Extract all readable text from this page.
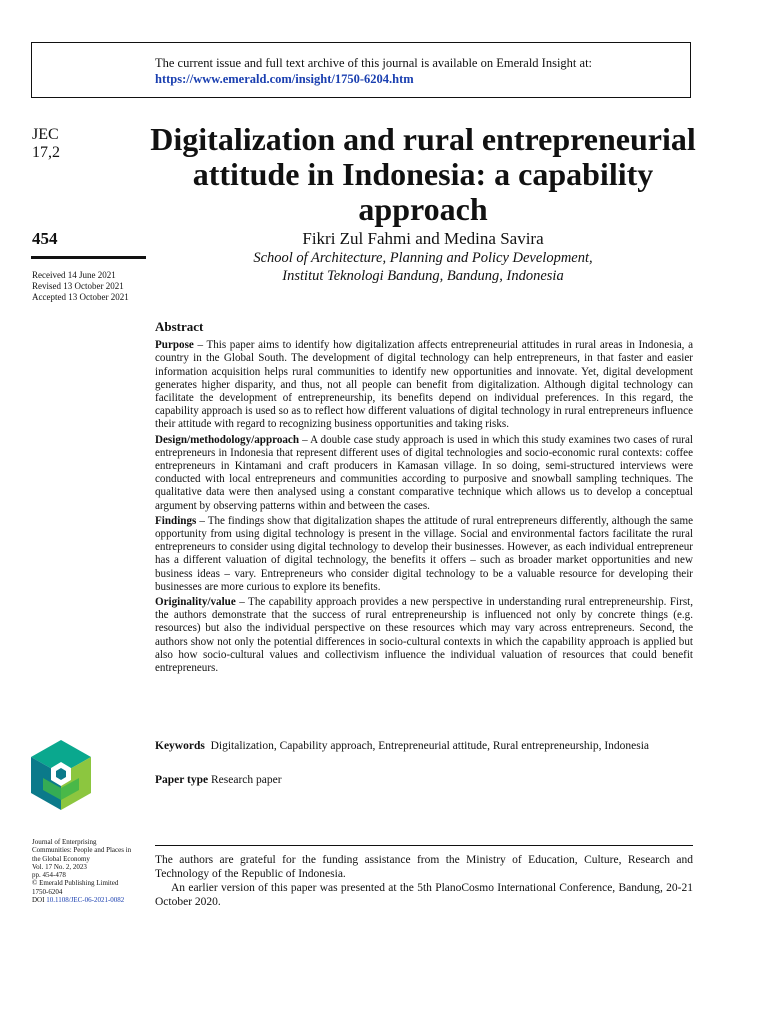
The current issue and full text archive of this journal is available on Emerald Insight at:
https://www.emerald.com/insight/1750-6204.htm
JEC
17,2
454
Received 14 June 2021
Revised 13 October 2021
Accepted 13 October 2021
Digitalization and rural entrepreneurial attitude in Indonesia: a capability approach
Fikri Zul Fahmi and Medina Savira
School of Architecture, Planning and Policy Development,
Institut Teknologi Bandung, Bandung, Indonesia
Abstract

Purpose – This paper aims to identify how digitalization affects entrepreneurial attitudes in rural areas in Indonesia, a country in the Global South. The development of digital technology can help entrepreneurs, in that faster and easier information acquisition helps rural communities to identify new opportunities and innovate. Yet, digital development generates higher disparity, and thus, not all people can benefit from digitalization. Although digital technology can facilitate the development of entrepreneurship, its benefits depend on individual preferences. In this regard, the capability approach is used so as to reflect how different valuations of digital technology in rural entrepreneurs influence their attitude with regard to recognizing business opportunities and taking risks.

Design/methodology/approach – A double case study approach is used in which this study examines two cases of rural entrepreneurs in Indonesia that represent different uses of digital technologies and socio-economic rural contexts: coffee entrepreneurs in Kintamani and craft producers in Kamasan village. In so doing, semi-structured interviews were conducted with local entrepreneurs and communities according to purposive and snowball sampling techniques. The qualitative data were then analysed using a constant comparative technique which allows us to develop a conceptual argument by observing patterns within and between the cases.

Findings – The findings show that digitalization shapes the attitude of rural entrepreneurs differently, although the same opportunity from using digital technology is present in the village. Social and environmental factors facilitate the rural entrepreneurs to consider using digital technology to develop their businesses. However, as each individual entrepreneur has a different valuation of digital technology, the benefits it offers – such as broader market opportunities and new business ideas – vary. Entrepreneurs who consider digital technology to be a valuable resource for developing their businesses are more curious to explore its benefits.

Originality/value – The capability approach provides a new perspective in understanding rural entrepreneurship. First, the authors demonstrate that the success of rural entrepreneurship is influenced not only by concrete things (e.g. resources) but also the individual perspective on these resources which may vary across entrepreneurs. Second, the authors show not only the potential differences in socio-cultural contexts in which the capability approach is applied but also how socio-cultural values and collectivism influence the individual valuation of resources that could benefit entrepreneurs.

Keywords Digitalization, Capability approach, Entrepreneurial attitude, Rural entrepreneurship, Indonesia
Paper type Research paper
Journal of Enterprising
Communities: People and Places in
the Global Economy
Vol. 17 No. 2, 2023
pp. 454-478
© Emerald Publishing Limited
1750-6204
DOI 10.1108/JEC-06-2021-0082

The authors are grateful for the funding assistance from the Ministry of Education, Culture, Research and Technology of the Republic of Indonesia.

An earlier version of this paper was presented at the 5th PlanoCosmo International Conference, Bandung, 20-21 October 2020.
